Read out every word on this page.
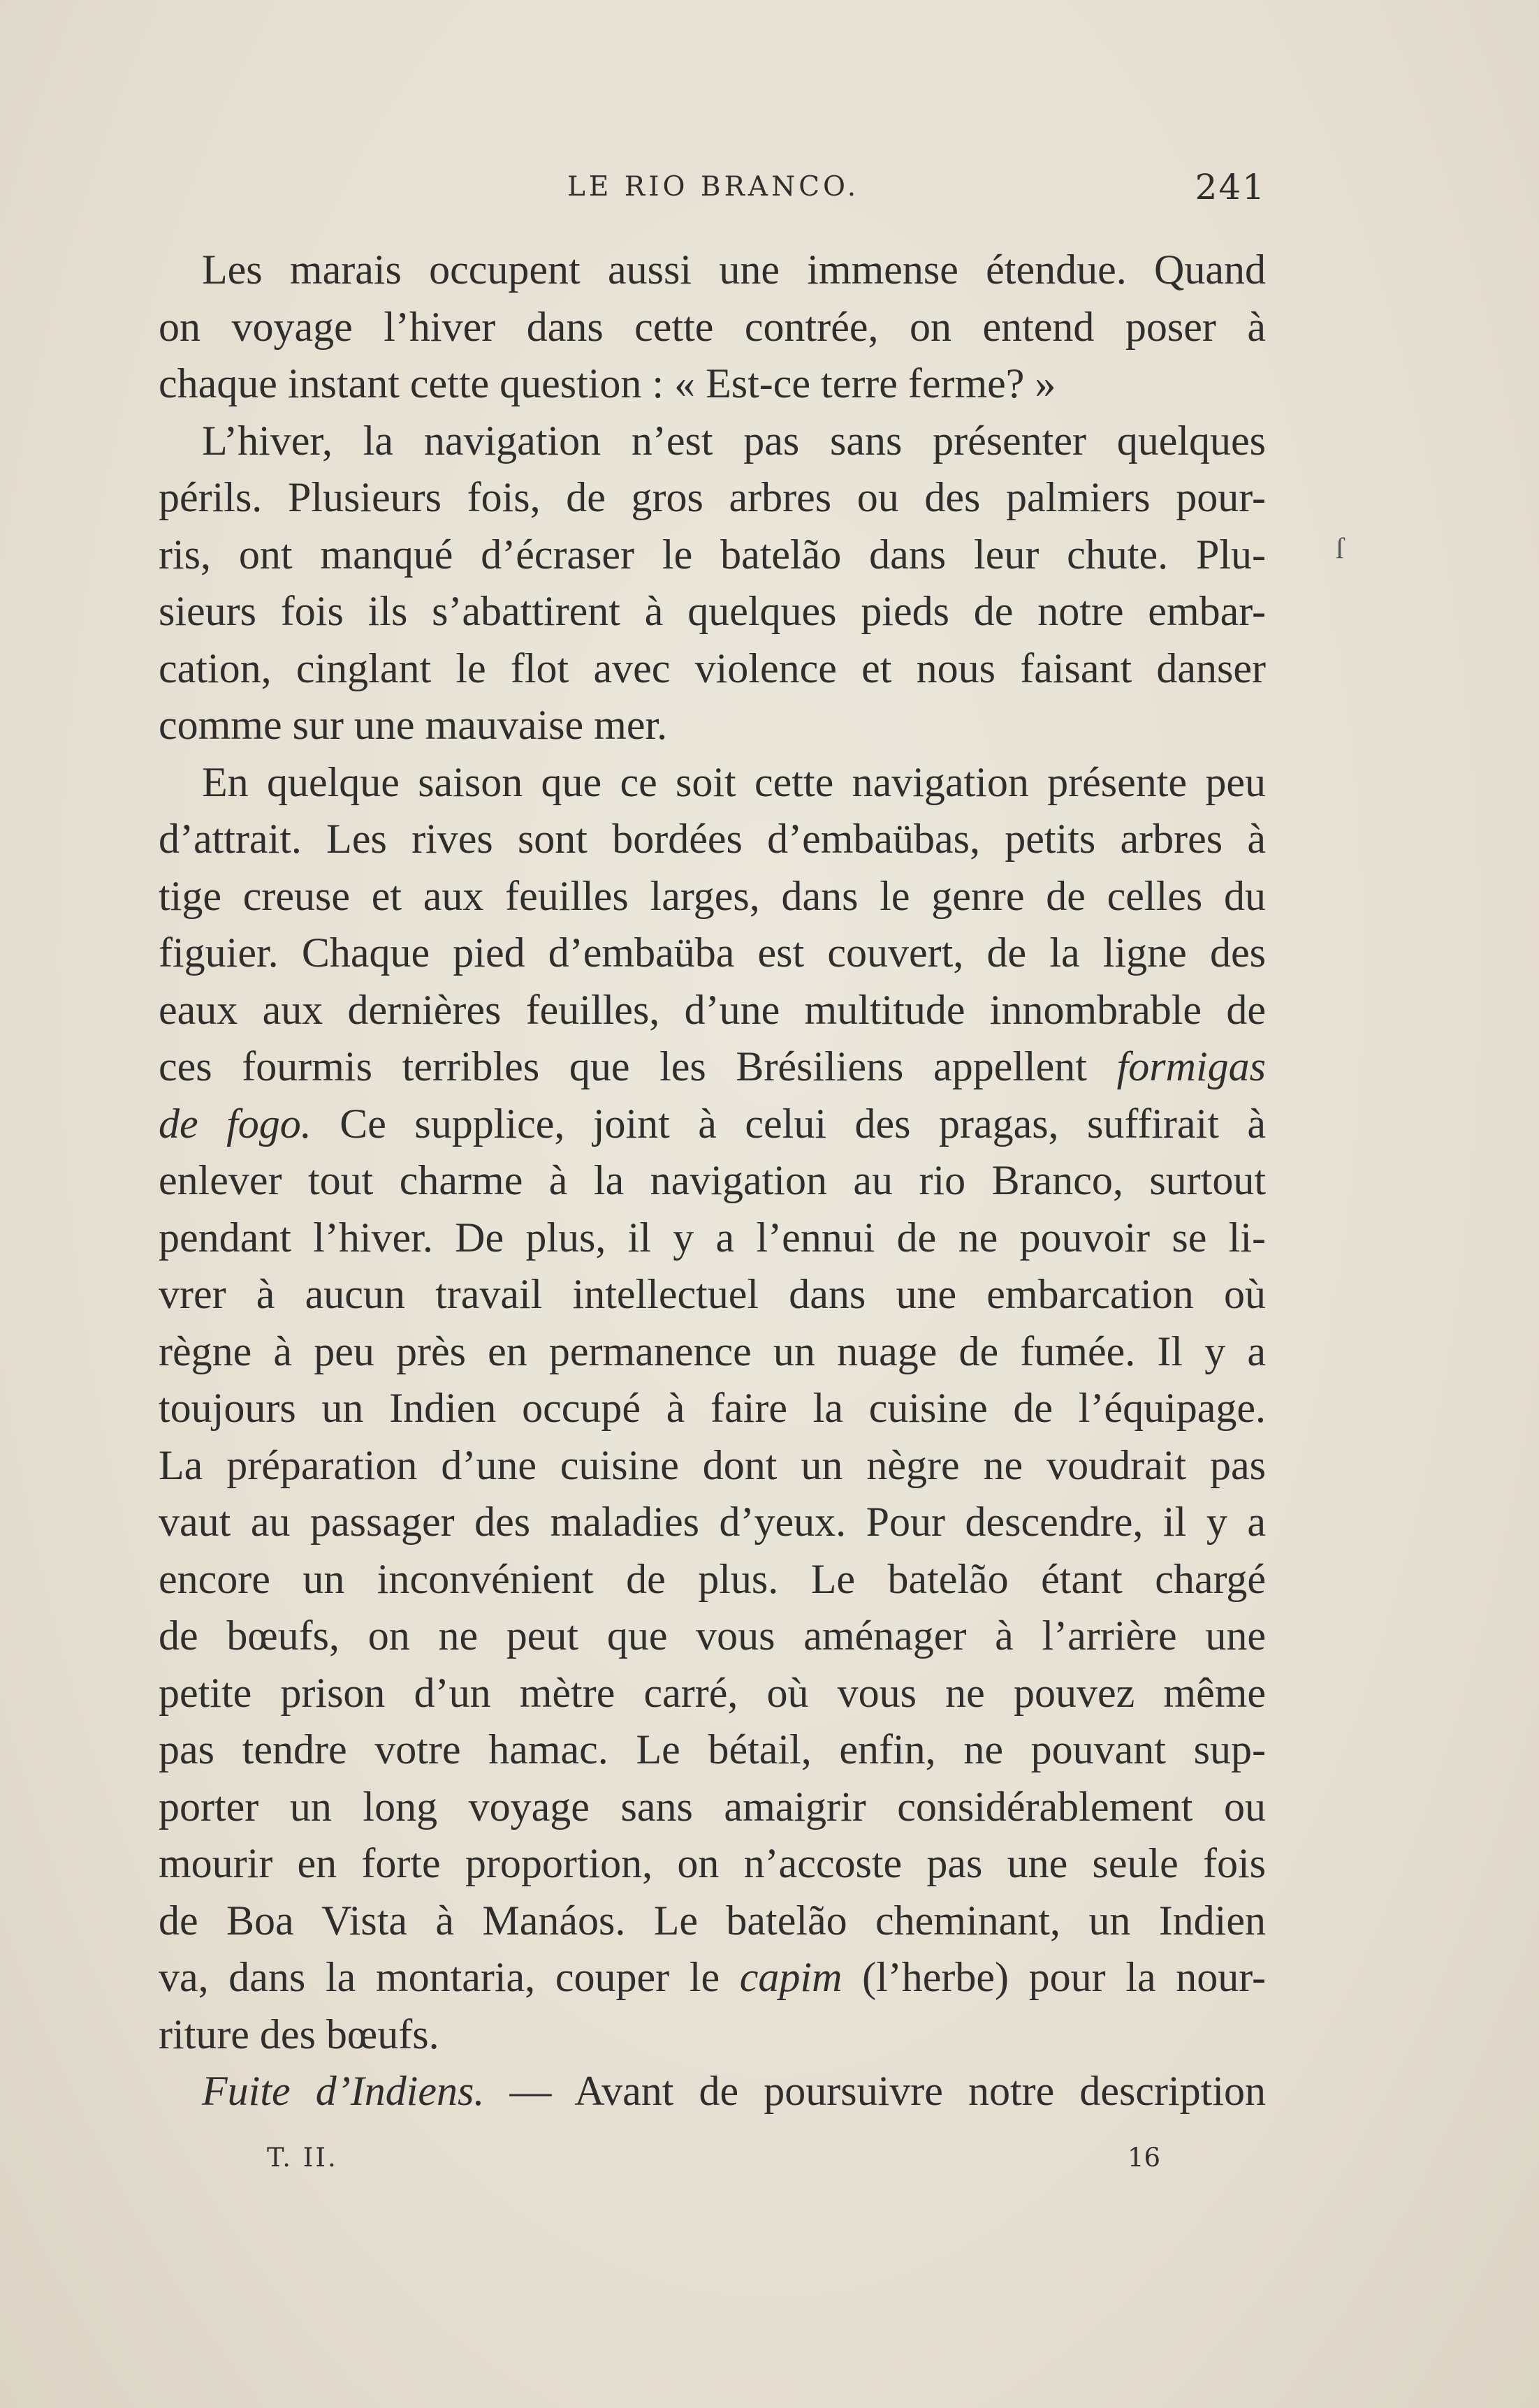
LE RIO BRANCO.	241
ſ
Les marais occupent aussi une immense étendue. Quand
on voyage l’hiver dans cette contrée, on entend poser à
chaque instant cette question : « Est-ce terre ferme? »
L’hiver, la navigation n’est pas sans présenter quelques
périls. Plusieurs fois, de gros arbres ou des palmiers pour-
ris, ont manqué d’écraser le batelão dans leur chute. Plu-
sieurs fois ils s’abattirent à quelques pieds de notre embar-
cation, cinglant le flot avec violence et nous faisant danser
comme sur une mauvaise mer.
En quelque saison que ce soit cette navigation présente peu
d’attrait. Les rives sont bordées d’embaübas, petits arbres à
tige creuse et aux feuilles larges, dans le genre de celles du
figuier. Chaque pied d’embaüba est couvert, de la ligne des
eaux aux dernières feuilles, d’une multitude innombrable de
ces fourmis terribles que les Brésiliens appellent formigas
de fogo. Ce supplice, joint à celui des pragas, suffirait à
enlever tout charme à la navigation au rio Branco, surtout
pendant l’hiver. De plus, il y a l’ennui de ne pouvoir se li-
vrer à aucun travail intellectuel dans une embarcation où
règne à peu près en permanence un nuage de fumée. Il y a
toujours un Indien occupé à faire la cuisine de l’équipage.
La préparation d’une cuisine dont un nègre ne voudrait pas
vaut au passager des maladies d’yeux. Pour descendre, il y a
encore un inconvénient de plus. Le batelão étant chargé
de bœufs, on ne peut que vous aménager à l’arrière une
petite prison d’un mètre carré, où vous ne pouvez même
pas tendre votre hamac. Le bétail, enfin, ne pouvant sup-
porter un long voyage sans amaigrir considérablement ou
mourir en forte proportion, on n’accoste pas une seule fois
de Boa Vista à Manáos. Le batelão cheminant, un Indien
va, dans la montaria, couper le capim (l’herbe) pour la nour-
riture des bœufs.
Fuite d’Indiens. — Avant de poursuivre notre description
T. II.	16
